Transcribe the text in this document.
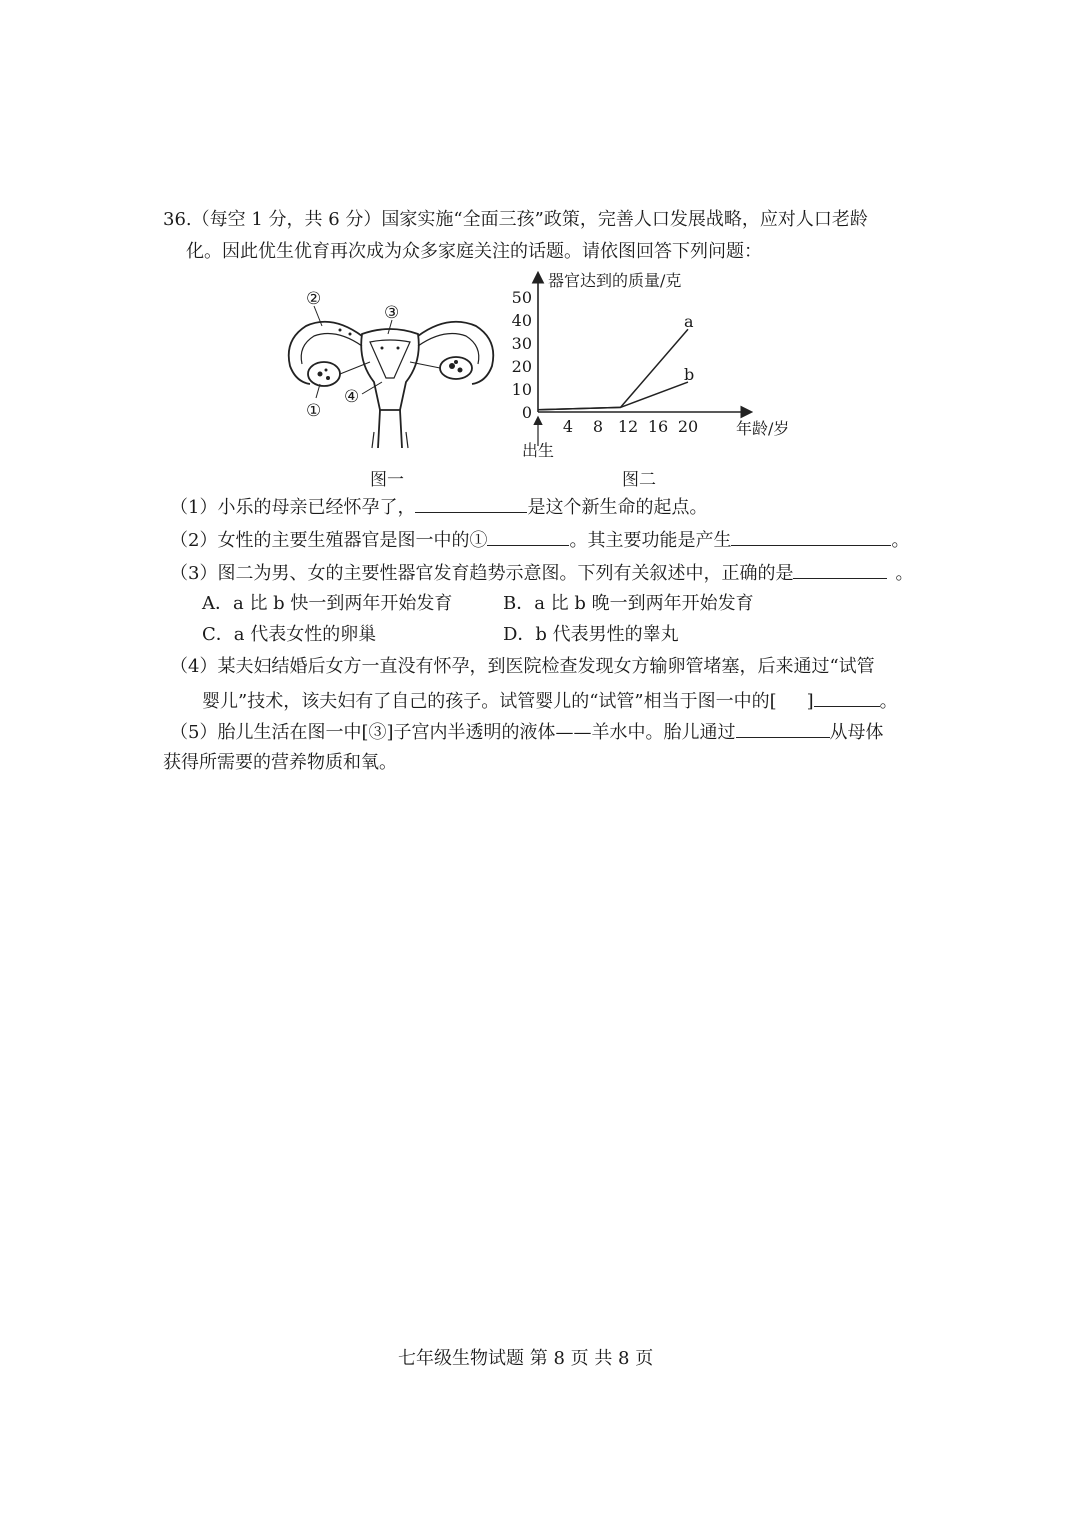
36.（每空 1 分，共 6 分）国家实施“全面三孩”政策，完善人口发展战略，应对人口老龄
化。因此优生优育再次成为众多家庭关注的话题。请依图回答下列问题：
②
③
④
①
图一
4 8 12 16 20
0
10
20
30
40
50
a
b
器官达到的质量/克
年龄/岁
出生
图二
（1）小乐的母亲已经怀孕了，	是这个新生命的起点。
（2）女性的主要生殖器官是图一中的①	。其主要功能是产生	。
（3）图二为男、女的主要性器官发育趋势示意图。下列有关叙述中，正确的是	。
A．a 比 b 快一到两年开始发育	B．a 比 b 晚一到两年开始发育
C．a 代表女性的卵巢	D．b 代表男性的睾丸
（4）某夫妇结婚后女方一直没有怀孕，到医院检查发现女方输卵管堵塞，后来通过“试管
婴儿”技术，该夫妇有了自己的孩子。试管婴儿的“试管”相当于图一中的[ ]	。
（5）胎儿生活在图一中[③]子宫内半透明的液体——羊水中。胎儿通过	从母体
获得所需要的营养物质和氧。
七年级生物试题 第 8 页 共 8 页
